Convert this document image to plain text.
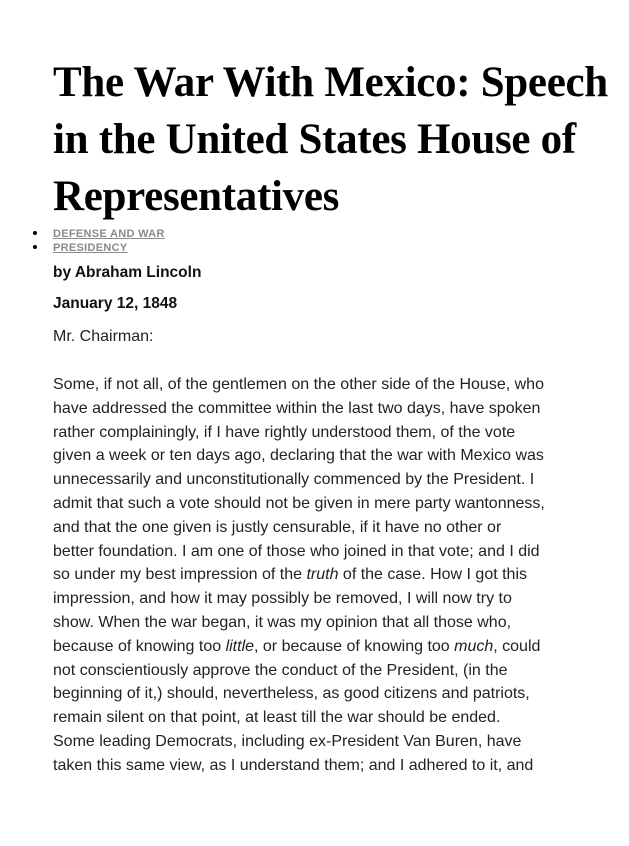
The War With Mexico: Speech in the United States House of Representatives
DEFENSE AND WAR
PRESIDENCY

by Abraham Lincoln

January 12, 1848

Mr. Chairman:

Some, if not all, of the gentlemen on the other side of the House, who
have addressed the committee within the last two days, have spoken
rather complainingly, if I have rightly understood them, of the vote
given a week or ten days ago, declaring that the war with Mexico was
unnecessarily and unconstitutionally commenced by the President. I
admit that such a vote should not be given in mere party wantonness,
and that the one given is justly censurable, if it have no other or
better foundation. I am one of those who joined in that vote; and I did
so under my best impression of the truth of the case. How I got this
impression, and how it may possibly be removed, I will now try to
show. When the war began, it was my opinion that all those who,
because of knowing too little, or because of knowing too much, could
not conscientiously approve the conduct of the President, (in the
beginning of it,) should, nevertheless, as good citizens and patriots,
remain silent on that point, at least till the war should be ended.
Some leading Democrats, including ex-President Van Buren, have
taken this same view, as I understand them; and I adhered to it, and
